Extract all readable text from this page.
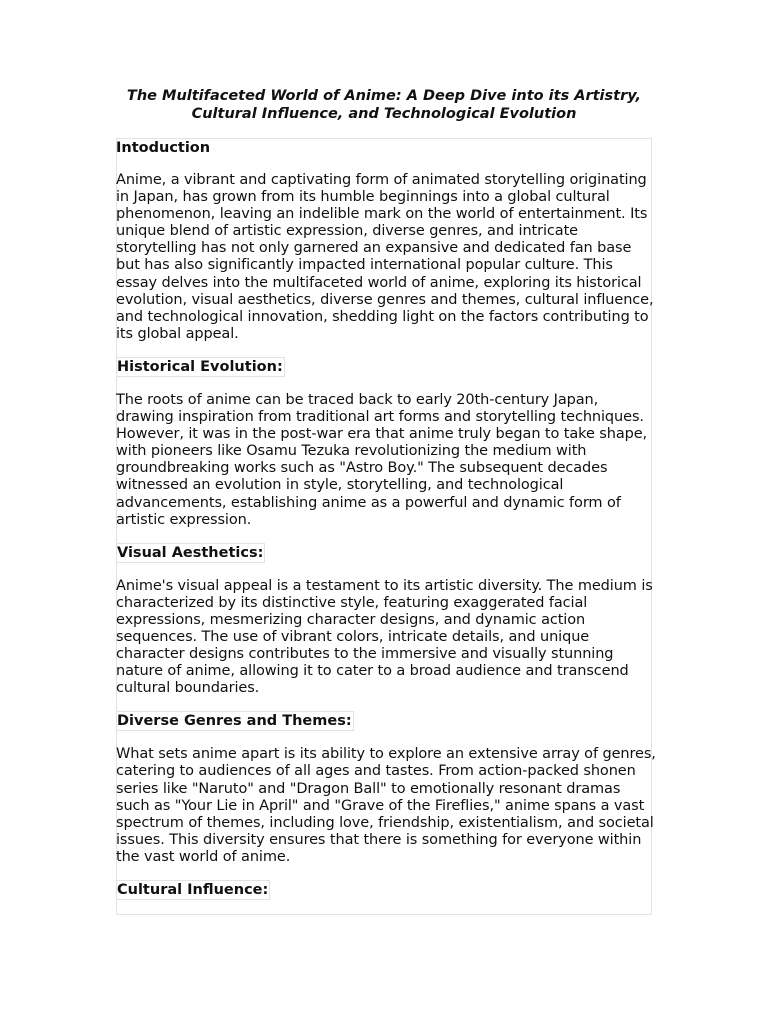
The Multifaceted World of Anime: A Deep Dive into its Artistry, Cultural Influence, and Technological Evolution
Intoduction

Anime, a vibrant and captivating form of animated storytelling originating in Japan, has grown from its humble beginnings into a global cultural phenomenon, leaving an indelible mark on the world of entertainment. Its unique blend of artistic expression, diverse genres, and intricate storytelling has not only garnered an expansive and dedicated fan base but has also significantly impacted international popular culture. This essay delves into the multifaceted world of anime, exploring its historical evolution, visual aesthetics, diverse genres and themes, cultural influence, and technological innovation, shedding light on the factors contributing to its global appeal.

Historical Evolution:

The roots of anime can be traced back to early 20th-century Japan, drawing inspiration from traditional art forms and storytelling techniques. However, it was in the post-war era that anime truly began to take shape, with pioneers like Osamu Tezuka revolutionizing the medium with groundbreaking works such as "Astro Boy." The subsequent decades witnessed an evolution in style, storytelling, and technological advancements, establishing anime as a powerful and dynamic form of artistic expression.

Visual Aesthetics:

Anime's visual appeal is a testament to its artistic diversity. The medium is characterized by its distinctive style, featuring exaggerated facial expressions, mesmerizing character designs, and dynamic action sequences. The use of vibrant colors, intricate details, and unique character designs contributes to the immersive and visually stunning nature of anime, allowing it to cater to a broad audience and transcend cultural boundaries.

Diverse Genres and Themes:

What sets anime apart is its ability to explore an extensive array of genres, catering to audiences of all ages and tastes. From action-packed shonen series like "Naruto" and "Dragon Ball" to emotionally resonant dramas such as "Your Lie in April" and "Grave of the Fireflies," anime spans a vast spectrum of themes, including love, friendship, existentialism, and societal issues. This diversity ensures that there is something for everyone within the vast world of anime.

Cultural Influence:
